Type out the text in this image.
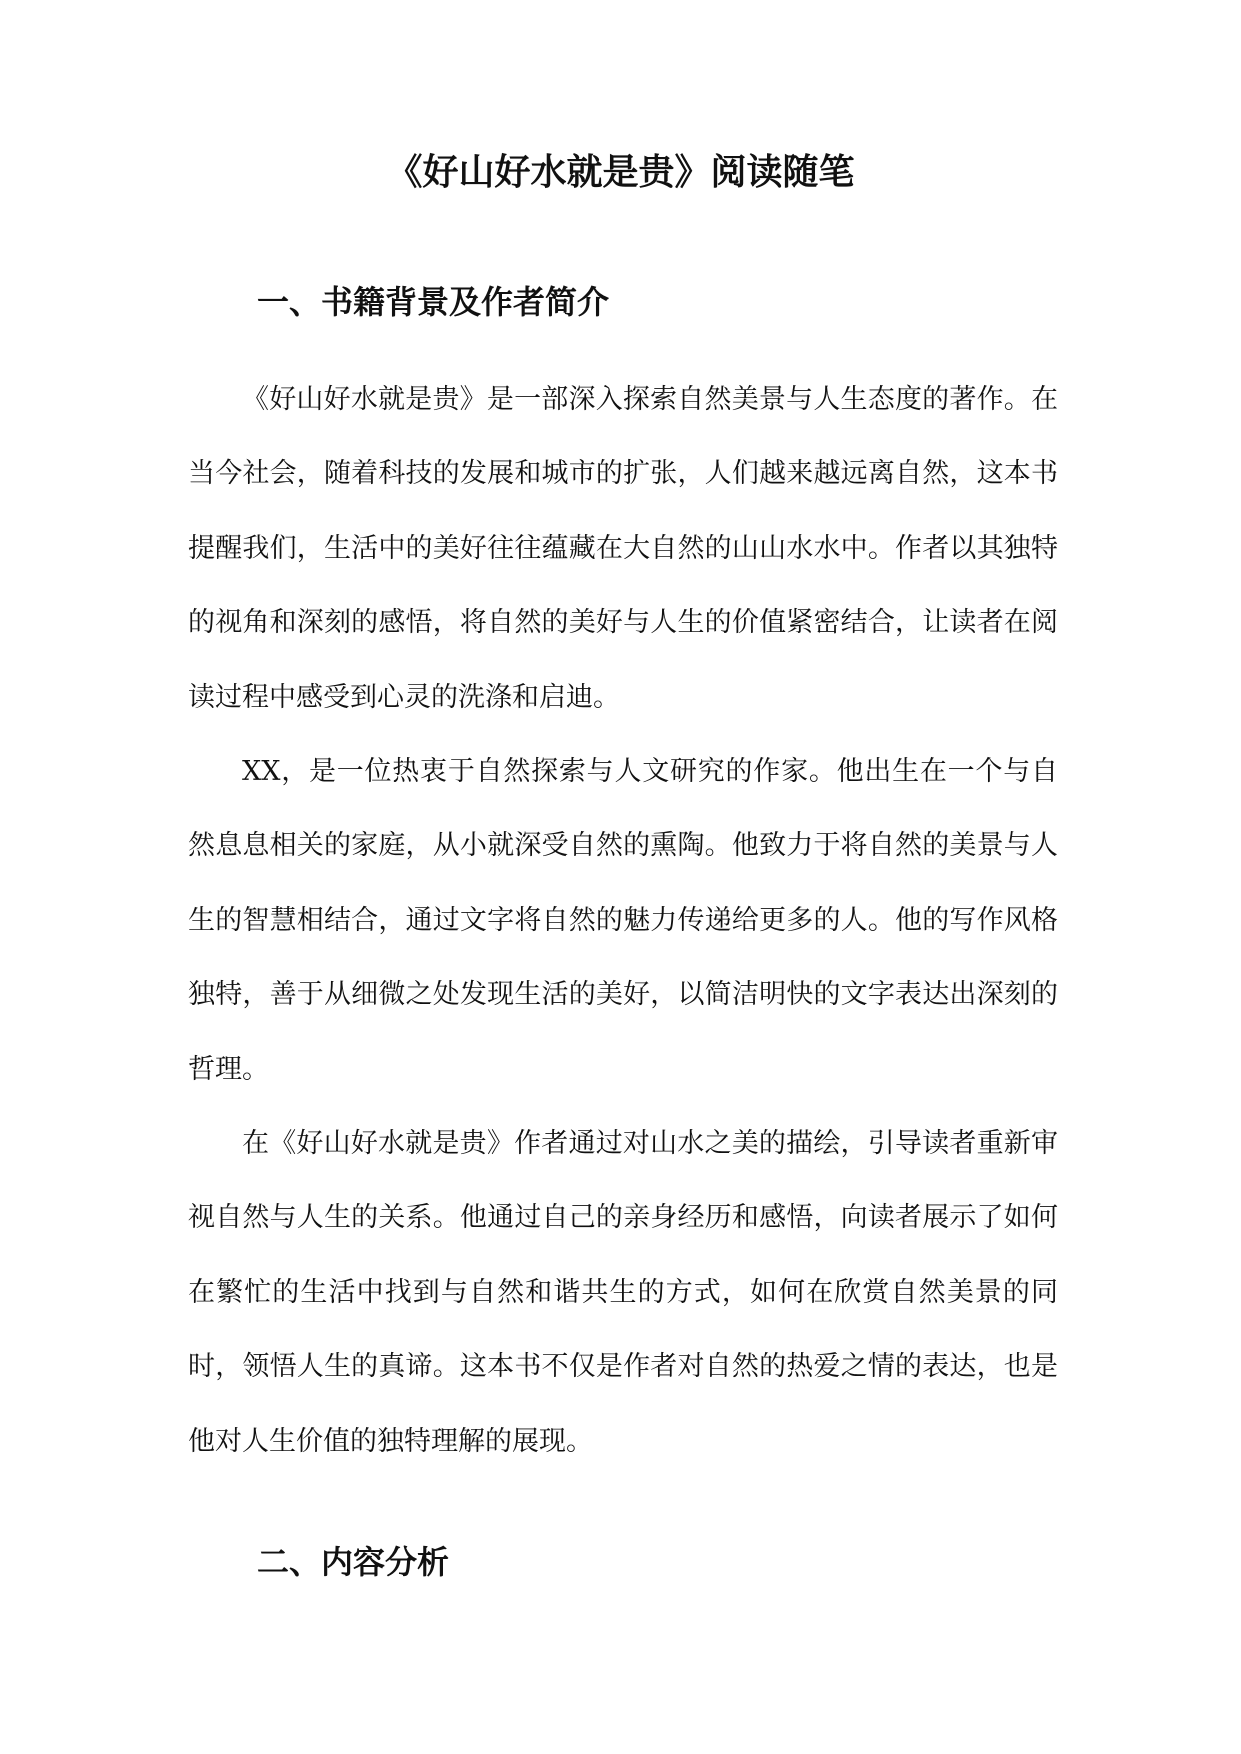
《好山好水就是贵》阅读随笔
一、书籍背景及作者简介

《好山好水就是贵》是一部深入探索自然美景与人生态度的著作。在当今社会，随着科技的发展和城市的扩张，人们越来越远离自然，这本书提醒我们，生活中的美好往往蕴藏在大自然的山山水水中。作者以其独特的视角和深刻的感悟，将自然的美好与人生的价值紧密结合，让读者在阅读过程中感受到心灵的洗涤和启迪。

XX，是一位热衷于自然探索与人文研究的作家。他出生在一个与自然息息相关的家庭，从小就深受自然的熏陶。他致力于将自然的美景与人生的智慧相结合，通过文字将自然的魅力传递给更多的人。他的写作风格独特，善于从细微之处发现生活的美好，以简洁明快的文字表达出深刻的哲理。

在《好山好水就是贵》作者通过对山水之美的描绘，引导读者重新审视自然与人生的关系。他通过自己的亲身经历和感悟，向读者展示了如何在繁忙的生活中找到与自然和谐共生的方式，如何在欣赏自然美景的同时，领悟人生的真谛。这本书不仅是作者对自然的热爱之情的表达，也是他对人生价值的独特理解的展现。

二、内容分析
